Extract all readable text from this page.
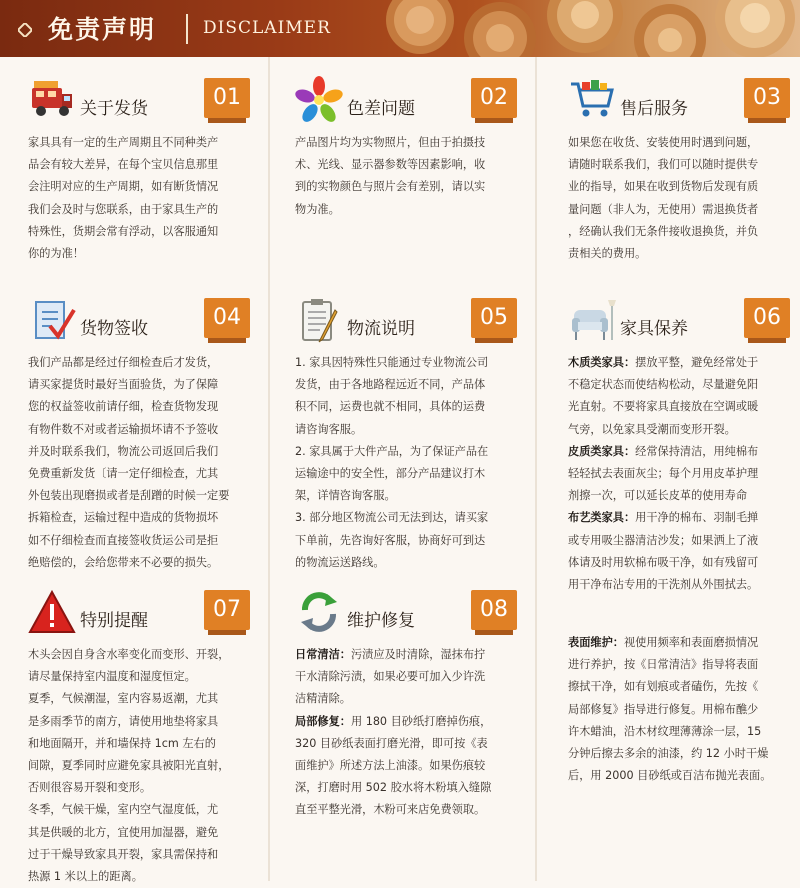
免责声明	DISCLAIMER
关于发货	01

家具具有一定的生产周期且不同种类产

品会有较大差异，在每个宝贝信息那里

会注明对应的生产周期，如有断货情况

我们会及时与您联系，由于家具生产的

特殊性，货期会常有浮动，以客服通知

你的为准！

色差问题	02

产品图片均为实物照片，但由于拍摄技

术、光线、显示器参数等因素影响，收

到的实物颜色与照片会有差别，请以实

物为准。

售后服务	03

如果您在收货、安装使用时遇到问题，

请随时联系我们，我们可以随时提供专

业的指导，如果在收到货物后发现有质

量问题（非人为，无使用）需退换货者

，经确认我们无条件接收退换货，并负

责相关的费用。

货物签收	04

我们产品都是经过仔细检查后才发货，

请买家提货时最好当面验货，为了保障

您的权益签收前请仔细，检查货物发现

有物件数不对或者运输损坏请不予签收

并及时联系我们，物流公司返回后我们

免费重新发货〔请一定仔细检查，尤其

外包装出现磨损或者是刮蹭的时候一定要

拆箱检查，运输过程中造成的货物损坏

如不仔细检查而直接签收货运公司是拒

绝赔偿的，会给您带来不必要的损失。

物流说明	05

1. 家具因特殊性只能通过专业物流公司

发货，由于各地路程远近不同，产品体

积不同，运费也就不相同，具体的运费

请咨询客服。

2. 家具属于大件产品，为了保证产品在

运输途中的安全性，部分产品建议打木

架，详情咨询客服。

3. 部分地区物流公司无法到达，请买家

下单前，先咨询好客服，协商好可到达

的物流运送路线。

家具保养	06

木质类家具：摆放平整，避免经常处于

不稳定状态而使结构松动，尽量避免阳

光直射。不要将家具直接放在空调或暖

气旁，以免家具受潮而变形开裂。

皮质类家具：经常保持清洁，用纯棉布

轻轻拭去表面灰尘；每个月用皮革护理

剂擦一次，可以延长皮革的使用寿命

布艺类家具：用干净的棉布、羽制毛掸

或专用吸尘器清洁沙发；如果洒上了液

体请及时用软棉布吸干净，如有残留可

用干净布沾专用的干洗剂从外围拭去。

特别提醒	07

木头会因自身含水率变化而变形、开裂，

请尽量保持室内温度和湿度恒定。

夏季，气候潮湿，室内容易返潮，尤其

是多雨季节的南方，请使用地垫将家具

和地面隔开，并和墙保持 1cm 左右的

间隙，夏季同时应避免家具被阳光直射，

否则很容易开裂和变形。

冬季，气候干燥，室内空气湿度低，尤

其是供暖的北方，宜使用加湿器，避免

过于干燥导致家具开裂，家具需保持和

热源 1 米以上的距离。

维护修复	08

日常清洁：污渍应及时清除，湿抹布拧

干水清除污渍，如果必要可加入少许洗

洁精清除。

局部修复：用 180 目砂纸打磨掉伤痕，

320 目砂纸表面打磨光滑，即可按《表

面维护》所述方法上油漆。如果伤痕较

深，打磨时用 502 胶水将木粉填入缝隙

直至平整光滑，木粉可来店免费领取。

表面维护：视使用频率和表面磨损情况

进行养护，按《日常清洁》指导将表面

擦拭干净，如有划痕或者磕伤，先按《

局部修复》指导进行修复。用棉布醮少

许木蜡油，沿木材纹理薄薄涂一层，15

分钟后擦去多余的油漆，约 12 小时干燥

后，用 2000 目砂纸或百洁布抛光表面。
